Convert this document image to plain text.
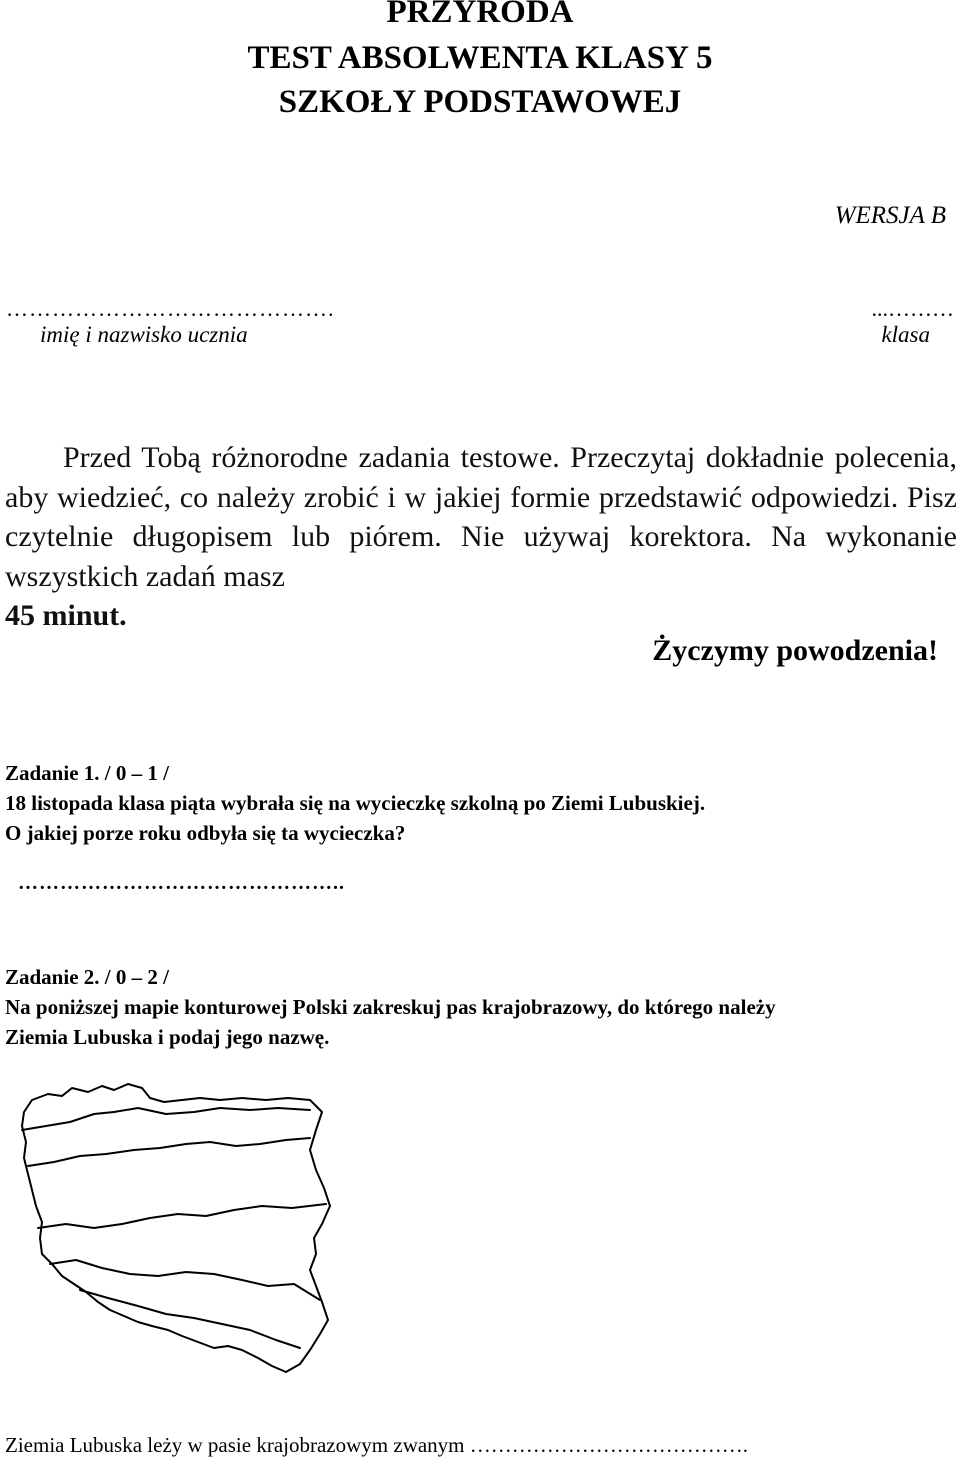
PRZYRODA
TEST ABSOLWENTA KLASY 5
SZKOŁY PODSTAWOWEJ
WERSJA B
…………………………………….	...………
imię i nazwisko ucznia	klasa
Przed Tobą różnorodne zadania testowe. Przeczytaj dokładnie polecenia, aby wiedzieć, co należy zrobić i w jakiej formie przedstawić odpowiedzi. Pisz czytelnie długopisem lub piórem. Nie używaj korektora. Na wykonanie wszystkich zadań masz
45 minut.
Życzymy powodzenia!
Zadanie 1. / 0 – 1 /
18 listopada klasa piąta wybrała się na wycieczkę szkolną po Ziemi Lubuskiej.
O jakiej porze roku odbyła się ta wycieczka?
………………………………………..
Zadanie 2. / 0 – 2 /
Na poniższej mapie konturowej Polski zakreskuj pas krajobrazowy, do którego należy
Ziemia Lubuska i podaj jego nazwę.
Ziemia Lubuska leży w pasie krajobrazowym zwanym ………………………………….
